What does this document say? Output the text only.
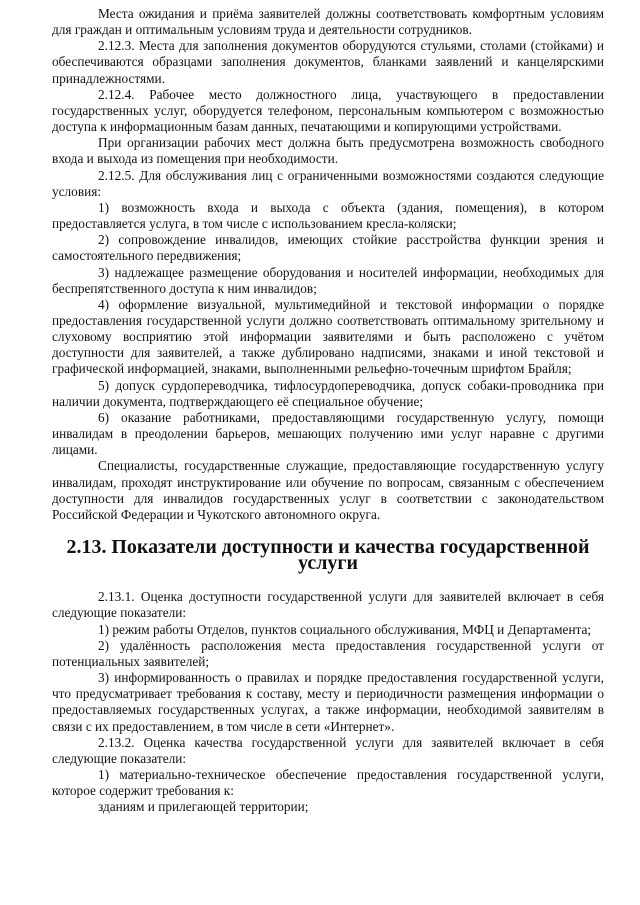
Места ожидания и приёма заявителей должны соответствовать комфортным условиям для граждан и оптимальным условиям труда и деятельности сотрудников.

2.12.3. Места для заполнения документов оборудуются стульями, столами (стойками) и обеспечиваются образцами заполнения документов, бланками заявлений и канцелярскими принадлежностями.

2.12.4. Рабочее место должностного лица, участвующего в предоставлении государственных услуг, оборудуется телефоном, персональным компьютером с возможностью доступа к информационным базам данных, печатающими и копирующими устройствами.

При организации рабочих мест должна быть предусмотрена возможность свободного входа и выхода из помещения при необходимости.

2.12.5. Для обслуживания лиц с ограниченными возможностями создаются следующие условия:

1) возможность входа и выхода с объекта (здания, помещения), в котором предоставляется услуга, в том числе с использованием кресла-коляски;

2) сопровождение инвалидов, имеющих стойкие расстройства функции зрения и самостоятельного передвижения;

3) надлежащее размещение оборудования и носителей информации, необходимых для беспрепятственного доступа к ним инвалидов;

4) оформление визуальной, мультимедийной и текстовой информации о порядке предоставления государственной услуги должно соответствовать оптимальному зрительному и слуховому восприятию этой информации заявителями и быть расположено с учётом доступности для заявителей, а также дублировано надписями, знаками и иной текстовой и графической информацией, знаками, выполненными рельефно-точечным шрифтом Брайля;

5) допуск сурдопереводчика, тифлосурдопереводчика, допуск собаки-проводника при наличии документа, подтверждающего её специальное обучение;

6) оказание работниками, предоставляющими государственную услугу, помощи инвалидам в преодолении барьеров, мешающих получению ими услуг наравне с другими лицами.

Специалисты, государственные служащие, предоставляющие государственную услугу инвалидам, проходят инструктирование или обучение по вопросам, связанным с обеспечением доступности для инвалидов государственных услуг в соответствии с законодательством Российской Федерации и Чукотского автономного округа.

2.13. Показатели доступности и качества государственной услуги

2.13.1. Оценка доступности государственной услуги для заявителей включает в себя следующие показатели:

1) режим работы Отделов, пунктов социального обслуживания, МФЦ и Департамента;

2) удалённость расположения места предоставления государственной услуги от потенциальных заявителей;

3) информированность о правилах и порядке предоставления государственной услуги, что предусматривает требования к составу, месту и периодичности размещения информации о предоставляемых государственных услугах, а также информации, необходимой заявителям в связи с их предоставлением, в том числе в сети «Интернет».

2.13.2. Оценка качества государственной услуги для заявителей включает в себя следующие показатели:

1) материально-техническое обеспечение предоставления государственной услуги, которое содержит требования к:

зданиям и прилегающей территории;
